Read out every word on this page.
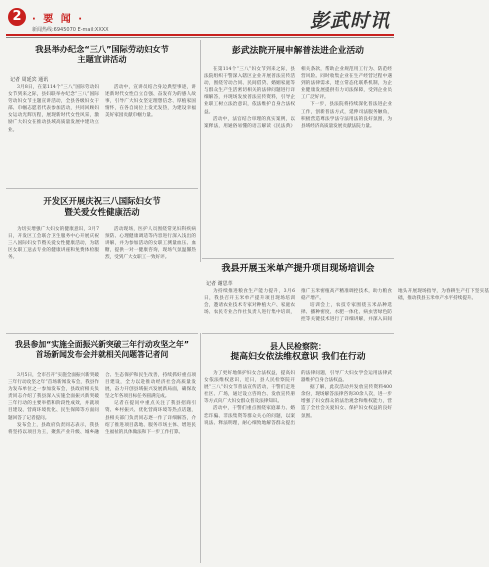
2	· 要 闻 ·
新闻热线:6945070 E-mail:XXXX	彭武时讯
我县举办纪念“三八”国际劳动妇女节
主题宣讲活动
记者 周延宾 通讯

3月8日，在第114个“三八”国际劳动妇女节到来之际，县妇联举办纪念“三八”国际劳动妇女节主题宣讲活动，全县各级妇女干部、巾帼志愿者代表参加活动，共同回顾妇女运动光辉历程，展现新时代女性风采，激励广大妇女在推动县域高质量发展中建功立业。

活动中，宣讲员结合身边典型事迹，讲述新时代女性自立自强、奋发有为的感人故事，引导广大妇女坚定理想信念、厚植家国情怀，在各自岗位上发光发热，为建设幸福美好家园贡献巾帼力量。

开发区开展庆祝三八国际妇女节
暨关爱女性健康活动

为切实增强广大妇女的健康意识，3月7日，开发区工会联合卫生服务中心开展庆祝三八国际妇女节暨关爱女性健康活动，为辖区女职工送去专业的健康讲座和免费体检服务。

活动现场，医护人员围绕常见妇科疾病预防、心理健康调适等内容进行深入浅出的讲解，并为参加活动的女职工测量血压、血糖，提供一对一健康咨询，现场气氛温馨热烈，受到广大女职工一致好评。

我县参加“实施全面振兴新突破三年行动攻坚之年”
首场新闻发布会并就相关问题答记者问

3月5日，全市召开“实施全面振兴新突破三年行动攻坚之年”首场新闻发布会，我县作为发布单位之一参加发布会，县政府相关负责同志介绍了我县深入实施全面振兴新突破三年行动的主要举措和阶段性成效，并就项目建设、营商环境优化、民生保障等方面问题回答了记者提问。

发布会上，县政府负责同志表示，我县将坚持以项目为王，聚焦产业升级、城乡融合、生态保护和民生改善，持续抓好重点项目建设，全力以赴推动经济社会高质量发展，奋力开创县域振兴发展新局面，确保攻坚之年各项目标任务圆满完成。

记者在提问中重点关注了我县招商引资、乡村振兴、优化营商环境等热点话题，县相关部门负责同志逐一作了详细解答，介绍了推进项目落地、服务市场主体、增进民生福祉的具体做法和下一步工作打算。

彭武法院开展申解普法进企业活动

在第114个“三八”妇女节到来之际，县法院组织干警深入辖区企业开展普法宣传活动，围绕劳动合同、民间借贷、婚姻家庭等与群众生产生活密切相关的法律问题进行详细解答，并现场发放普法宣传资料，引导企业职工树立法治意识，依法维护自身合法权益。

活动中，法官结合审理的真实案例，以案释法，用通俗易懂的语言解读《民法典》相关条款，帮助企业规范用工行为、防范经营风险。同时收集企业在生产经营过程中遇到的法律需求，建立常态化联系机制，为企业健康发展提供有力司法保障，受到企业员工广泛好评。

下一步，县法院将持续深化普法进企业工作，创新普法方式，延伸司法服务触角，积极营造尊法学法守法用法的良好氛围，为县域经济高质量发展贡献法院力量。

我县开展玉米单产提升项目现场培训会
记者 谢思萃

为持续推进粮食生产能力提升，3月6日，我县召开玉米单产提升项目现场培训会，邀请农业技术专家对种植大户、家庭农场、农民专业合作社负责人进行集中培训，推广玉米密植高产精准调控技术，助力粮食稳产增产。

培训会上，农技专家围绕玉米品种选择、播种密度、水肥一体化、病虫害绿色防控等关键技术进行了详细讲解，并深入田间地头开展现场指导，为春耕生产打下坚实基础，推动我县玉米单产水平持续提升。

县人民检察院：
提高妇女依法维权意识 我们在行动

为了更好地保护妇女合法权益，提高妇女依法维权意识，近日，县人民检察院开展“三八”妇女节普法宣传活动，干警们走进社区、广场，通过设立咨询台、发放宣传册等方式向广大妇女群众普及法律知识。

活动中，干警们重点围绕家庭暴力、婚恋诈骗、非法集资等群众关心的问题，以案说法、释法明理，耐心细致地解答群众提出的法律问题，引导广大妇女学会运用法律武器维护自身合法权益。

据了解，此次活动共发放宣传资料400余份，现场解答法律咨询30余人次，进一步增强了妇女群众的法治观念和维权能力，营造了全社会关爱妇女、保护妇女权益的良好氛围。
